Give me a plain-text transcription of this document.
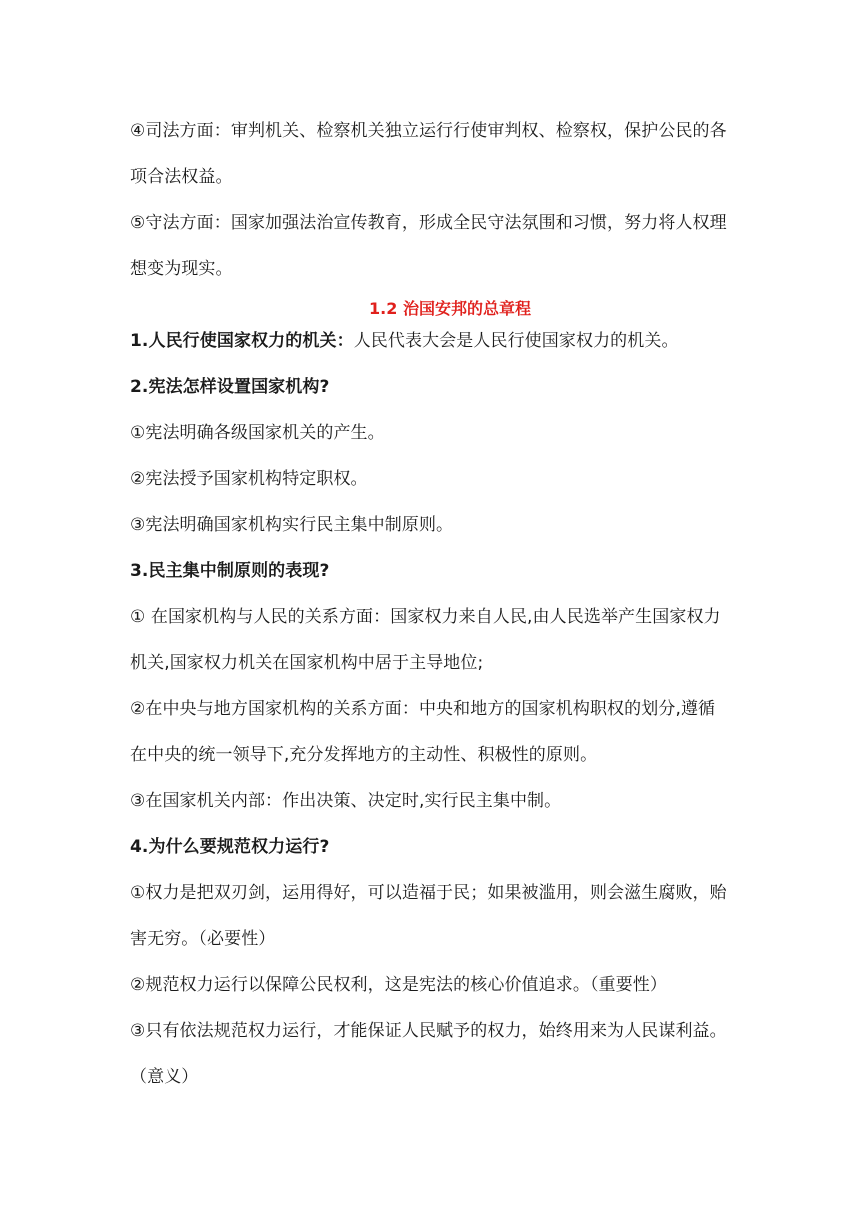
④司法方面：审判机关、检察机关独立运行行使审判权、检察权，保护公民的各
项合法权益。
⑤守法方面：国家加强法治宣传教育，形成全民守法氛围和习惯，努力将人权理
想变为现实。
1.2 治国安邦的总章程
1.人民行使国家权力的机关：人民代表大会是人民行使国家权力的机关。
2.宪法怎样设置国家机构?
①宪法明确各级国家机关的产生。
②宪法授予国家机构特定职权。
③宪法明确国家机构实行民主集中制原则。
3.民主集中制原则的表现?
① 在国家机构与人民的关系方面：国家权力来自人民,由人民选举产生国家权力
机关,国家权力机关在国家机构中居于主导地位;
②在中央与地方国家机构的关系方面：中央和地方的国家机构职权的划分,遵循
在中央的统一领导下,充分发挥地方的主动性、积极性的原则。
③在国家机关内部：作出决策、决定时,实行民主集中制。
4.为什么要规范权力运行?
①权力是把双刃剑，运用得好，可以造福于民；如果被滥用，则会滋生腐败，贻
害无穷。（必要性）
②规范权力运行以保障公民权利，这是宪法的核心价值追求。（重要性）
③只有依法规范权力运行，才能保证人民赋予的权力，始终用来为人民谋利益。
（意义）
